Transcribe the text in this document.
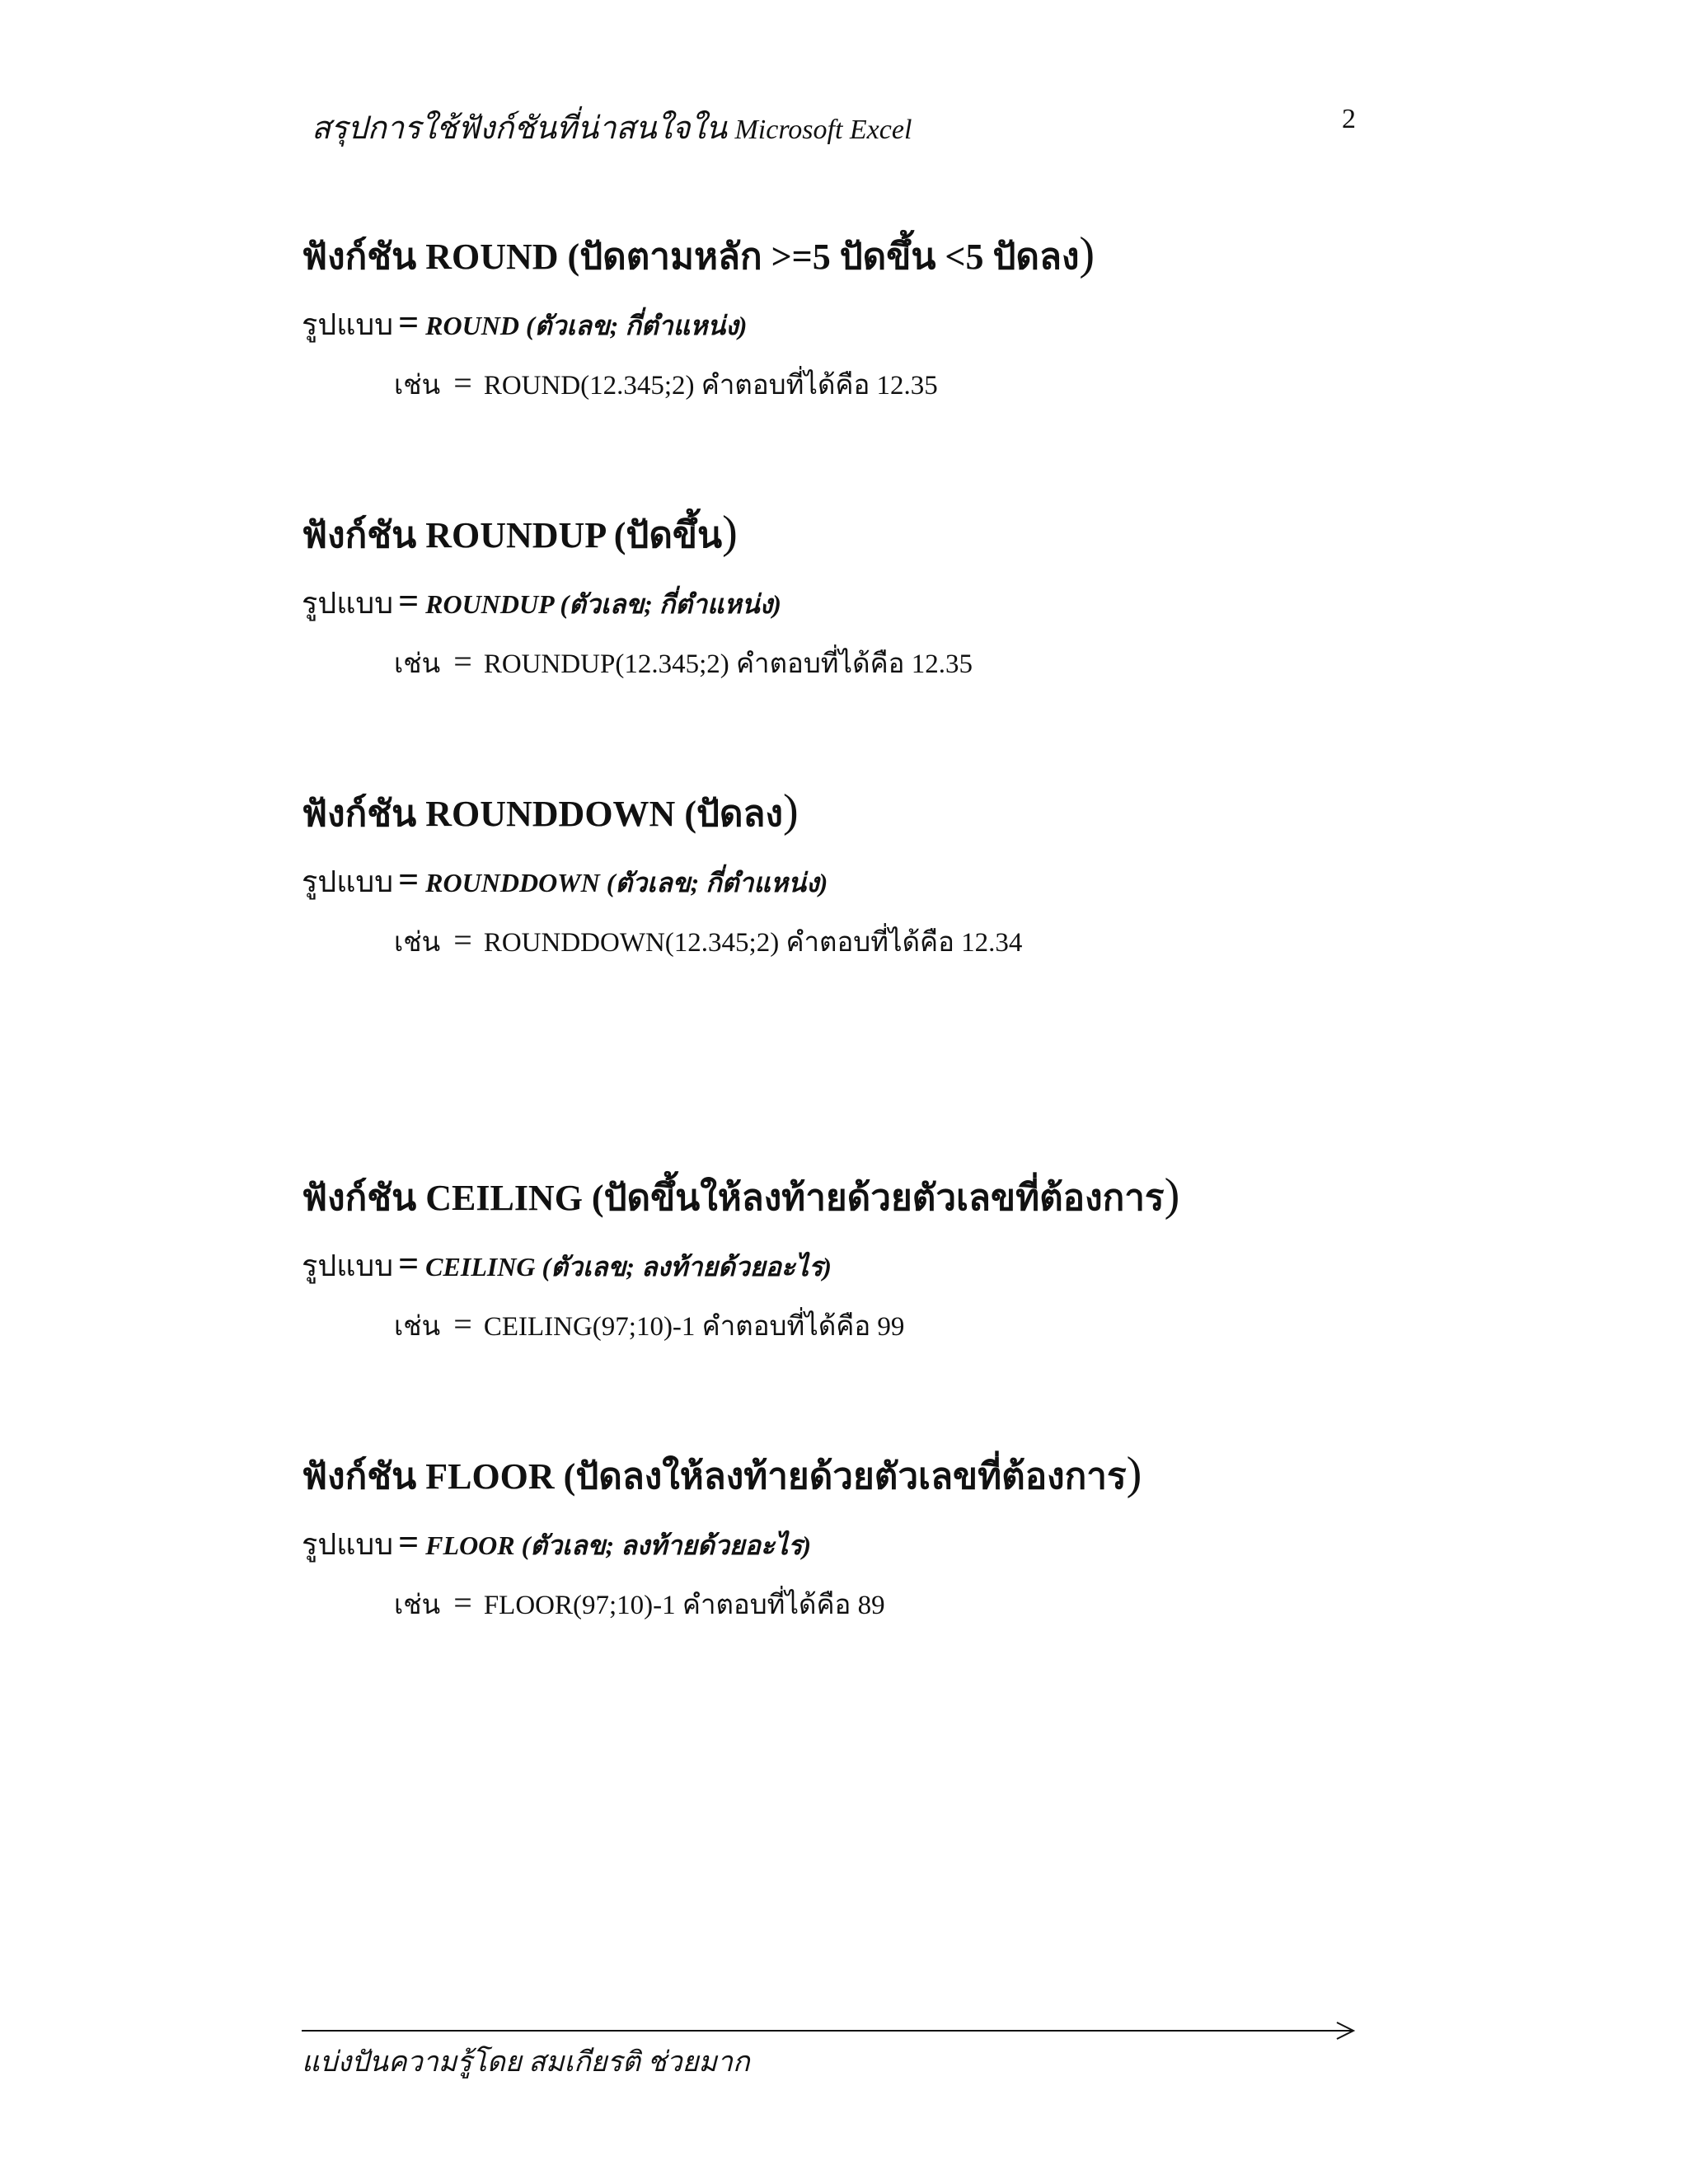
สรุปการใช้ฟังก์ชันที่น่าสนใจใน Microsoft Excel	2
ฟังก์ชัน ROUND (ปัดตามหลัก >=5 ปัดขึ้น <5 ปัดลง)
รูปแบบ = ROUND (ตัวเลข; กี่ตำแหน่ง)
เช่น = ROUND(12.345;2) คำตอบที่ได้คือ 12.35
ฟังก์ชัน ROUNDUP (ปัดขึ้น)
รูปแบบ = ROUNDUP (ตัวเลข; กี่ตำแหน่ง)
เช่น = ROUNDUP(12.345;2) คำตอบที่ได้คือ 12.35
ฟังก์ชัน ROUNDDOWN (ปัดลง)
รูปแบบ = ROUNDDOWN (ตัวเลข; กี่ตำแหน่ง)
เช่น = ROUNDDOWN(12.345;2) คำตอบที่ได้คือ 12.34
ฟังก์ชัน CEILING (ปัดขึ้นให้ลงท้ายด้วยตัวเลขที่ต้องการ)
รูปแบบ = CEILING (ตัวเลข; ลงท้ายด้วยอะไร)
เช่น = CEILING(97;10)-1 คำตอบที่ได้คือ 99
ฟังก์ชัน FLOOR (ปัดลงให้ลงท้ายด้วยตัวเลขที่ต้องการ)
รูปแบบ = FLOOR (ตัวเลข; ลงท้ายด้วยอะไร)
เช่น = FLOOR(97;10)-1 คำตอบที่ได้คือ 89
แบ่งปันความรู้โดย สมเกียรติ ช่วยมาก
